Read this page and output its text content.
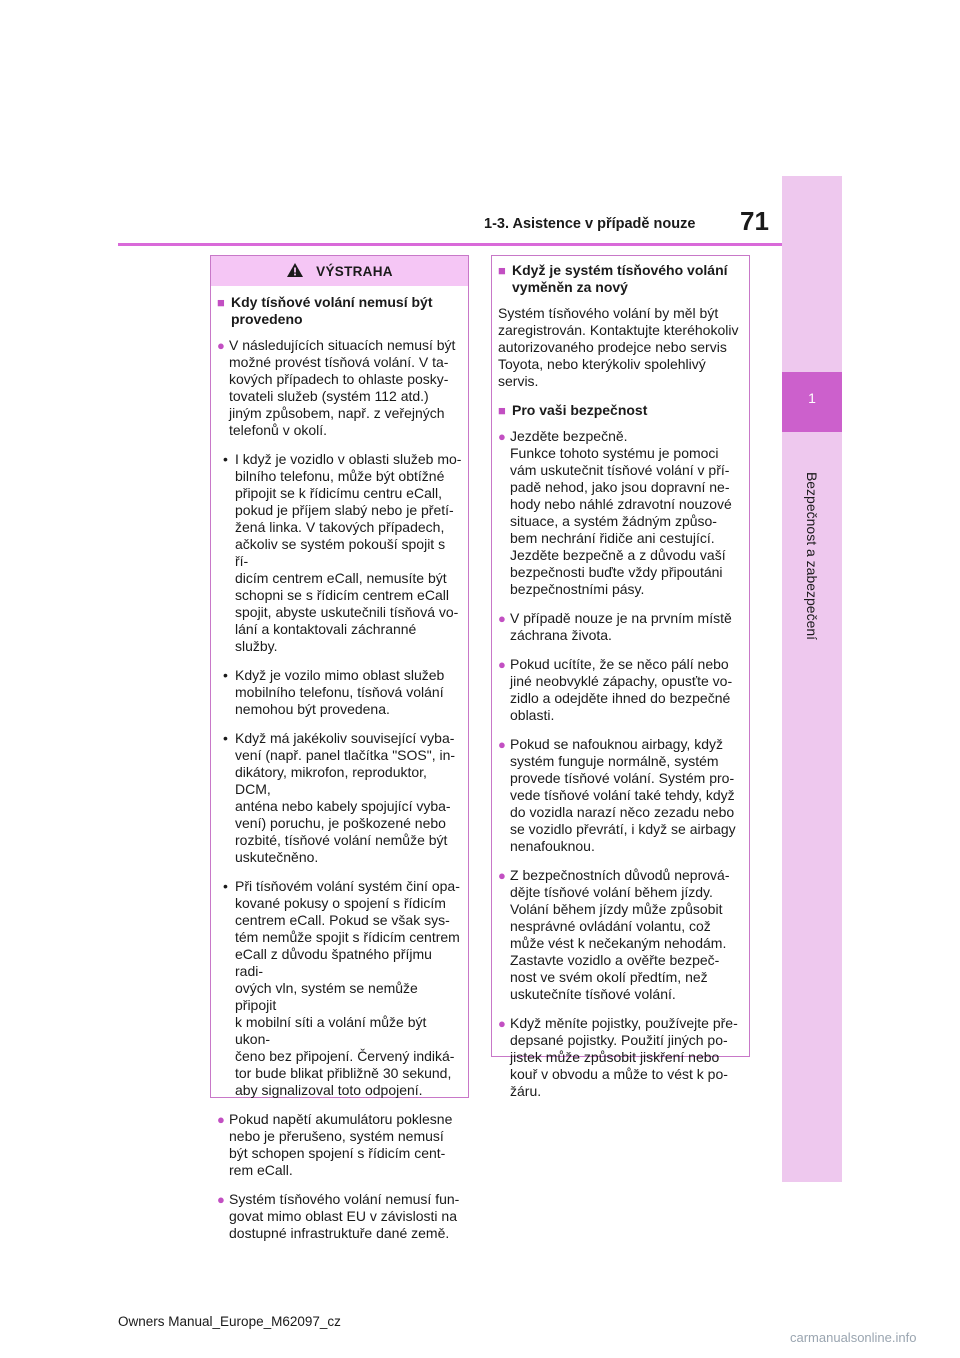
1-3. Asistence v případě nouze 71
1
Bezpečnost a zabezpečení
VÝSTRAHA
■ Kdy tísňové volání nemusí být provedeno
● V následujících situacích nemusí být
možné provést tísňová volání. V ta-
kových případech to ohlaste posky-
tovateli služeb (systém 112 atd.)
jiným způsobem, např. z veřejných
telefonů v okolí.
• I když je vozidlo v oblasti služeb mo-
bilního telefonu, může být obtížné
připojit se k řídicímu centru eCall,
pokud je příjem slabý nebo je přetí-
žená linka. V takových případech,
ačkoliv se systém pokouší spojit s ří-
dicím centrem eCall, nemusíte být
schopni se s řídicím centrem eCall
spojit, abyste uskutečnili tísňová vo-
lání a kontaktovali záchranné služby.
• Když je vozilo mimo oblast služeb
mobilního telefonu, tísňová volání
nemohou být provedena.
• Když má jakékoliv související vyba-
vení (např. panel tlačítka "SOS", in-
dikátory, mikrofon, reproduktor, DCM,
anténa nebo kabely spojující vyba-
vení) poruchu, je poškozené nebo
rozbité, tísňové volání nemůže být
uskutečněno.
• Při tísňovém volání systém činí opa-
kované pokusy o spojení s řídicím
centrem eCall. Pokud se však sys-
tém nemůže spojit s řídicím centrem
eCall z důvodu špatného příjmu radi-
ových vln, systém se nemůže připojit
k mobilní síti a volání může být ukon-
čeno bez připojení. Červený indiká-
tor bude blikat přibližně 30 sekund,
aby signalizoval toto odpojení.
● Pokud napětí akumulátoru poklesne
nebo je přerušeno, systém nemusí
být schopen spojení s řídicím cent-
rem eCall.
● Systém tísňového volání nemusí fun-
govat mimo oblast EU v závislosti na
dostupné infrastruktuře dané země.
■ Když je systém tísňového volání
vyměněn za nový
Systém tísňového volání by měl být
zaregistrován. Kontaktujte kteréhokoliv
autorizovaného prodejce nebo servis
Toyota, nebo kterýkoliv spolehlivý
servis.
■ Pro vaši bezpečnost
● Jezděte bezpečně.
Funkce tohoto systému je pomoci
vám uskutečnit tísňové volání v pří-
padě nehod, jako jsou dopravní ne-
hody nebo náhlé zdravotní nouzové
situace, a systém žádným způso-
bem nechrání řidiče ani cestující.
Jezděte bezpečně a z důvodu vaší
bezpečnosti buďte vždy připoutáni
bezpečnostními pásy.
● V případě nouze je na prvním místě
záchrana života.
● Pokud ucítíte, že se něco pálí nebo
jiné neobvyklé zápachy, opusťte vo-
zidlo a odejděte ihned do bezpečné
oblasti.
● Pokud se nafouknou airbagy, když
systém funguje normálně, systém
provede tísňové volání. Systém pro-
vede tísňové volání také tehdy, když
do vozidla narazí něco zezadu nebo
se vozidlo převrátí, i když se airbagy
nenafouknou.
● Z bezpečnostních důvodů neprová-
dějte tísňové volání během jízdy.
Volání během jízdy může způsobit
nesprávné ovládání volantu, což
může vést k nečekaným nehodám.
Zastavte vozidlo a ověřte bezpeč-
nost ve svém okolí předtím, než
uskutečníte tísňové volání.
● Když měníte pojistky, používejte pře-
depsané pojistky. Použití jiných po-
jistek může způsobit jiskření nebo
kouř v obvodu a může to vést k po-
žáru.
Owners Manual_Europe_M62097_cz
carmanualsonline.info
